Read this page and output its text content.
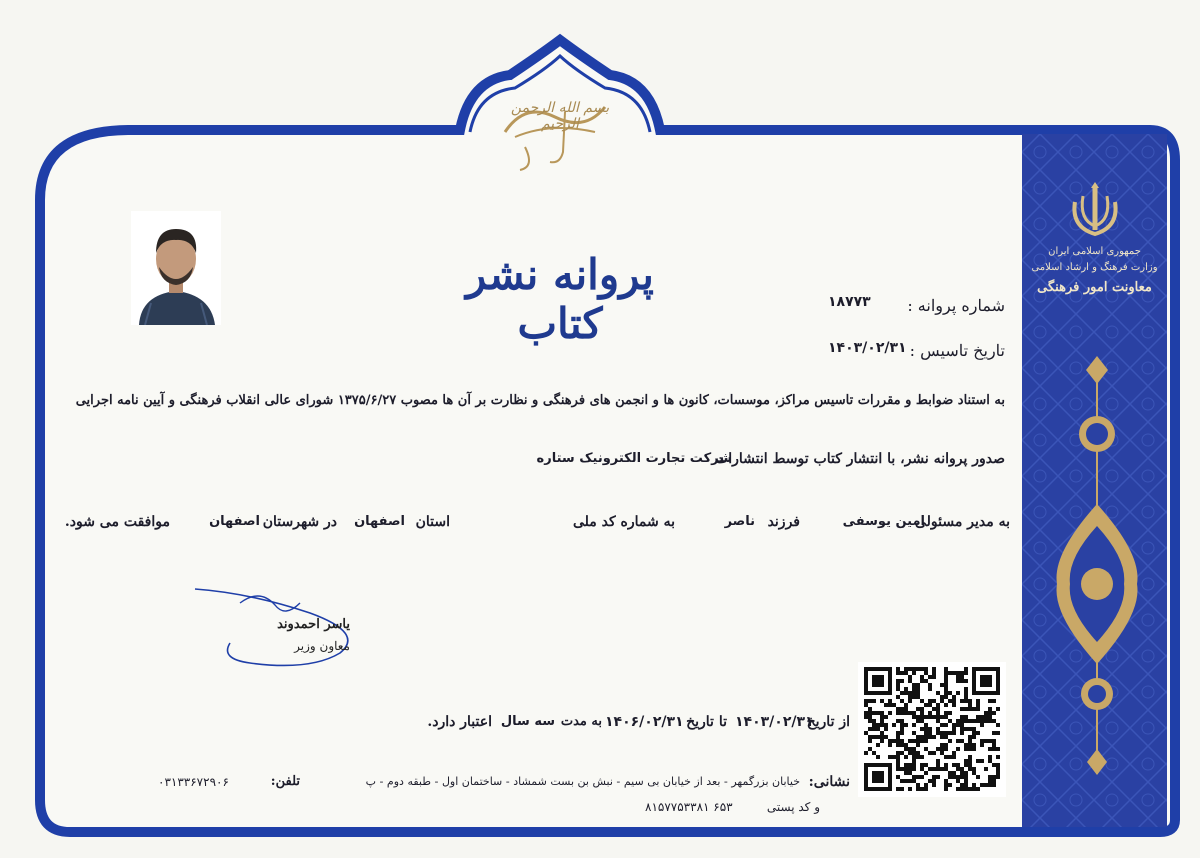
بسم الله الرحمن الرحیم
جمهوری اسلامی ایران
وزارت فرهنگ و ارشاد اسلامی
معاونت امور فرهنگی
پروانه نشر کتاب	شماره پروانه :
۱۸۷۷۳
تاریخ تاسیس :
۱۴۰۳/۰۲/۳۱
به استناد ضوابط و مقررات تاسیس مراکز، موسسات، کانون ها و انجمن های فرهنگی و نظارت بر آن ها مصوب ۱۳۷۵/۶/۲۷ شورای عالی انقلاب فرهنگی و آیین نامه اجرایی
صدور پروانه نشر، با انتشار کتاب توسط انتشارات
شرکت تجارت الکترونیک ستاره
به مدیر مسئولی
امین یوسفی
فرزند
ناصر
به شماره کد ملی
استان
اصفهان
در شهرستان
اصفهان
موافقت می شود.
یاسر احمدوند
معاون وزیر
از تاریخ
۱۴۰۳/۰۲/۳۱
تا تاریخ
۱۴۰۶/۰۲/۳۱
به مدت
سه سال
اعتبار دارد.
نشانی:
خیابان بزرگمهر - بعد از خیابان بی سیم - نبش بن بست شمشاد - ساختمان اول - طبقه دوم - پ
تلفن:
۰۳۱۳۳۶۷۲۹۰۶
و کد پستی
۸۱۵۷۷۵۳۳۸۱ ۶۵۳
